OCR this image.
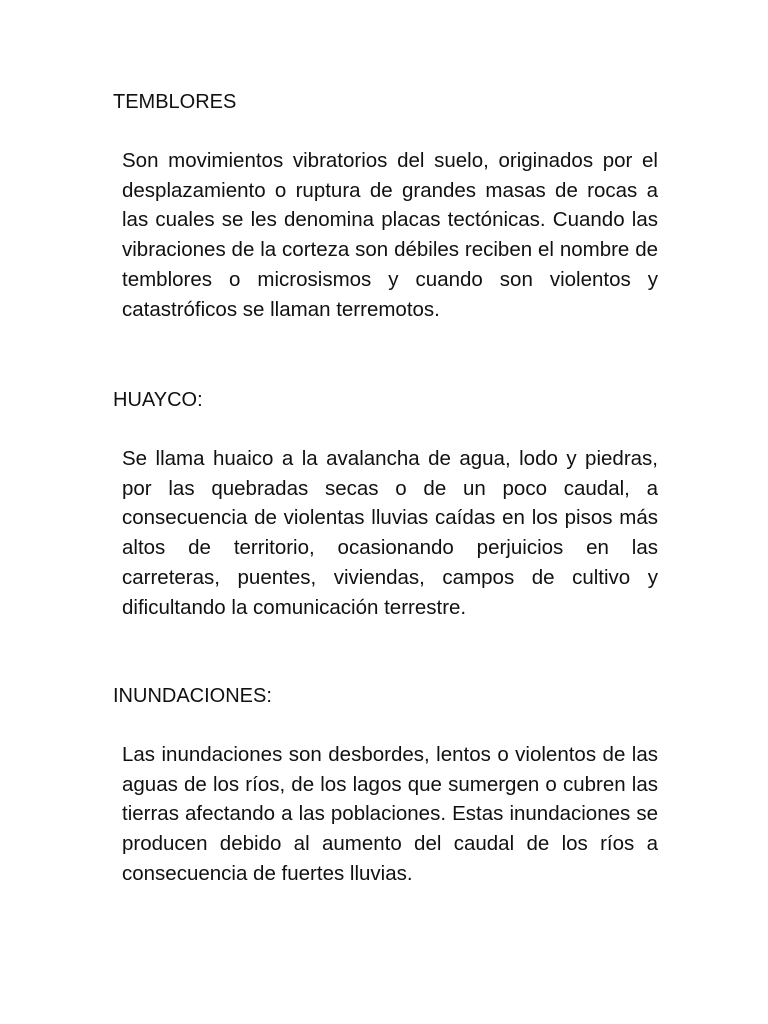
TEMBLORES

Son movimientos vibratorios del suelo, originados por el desplazamiento o ruptura de grandes masas de rocas a las cuales se les denomina placas tectónicas. Cuando las vibraciones de la corteza son débiles reciben el nombre de temblores o microsismos y cuando son violentos y catastróficos se llaman terremotos.

HUAYCO:

Se llama huaico a la avalancha de agua, lodo y piedras, por las quebradas secas o de un poco caudal, a consecuencia de violentas lluvias caídas en los pisos más altos de territorio, ocasionando perjuicios en las carreteras, puentes, viviendas, campos de cultivo y dificultando la comunicación terrestre.

INUNDACIONES:

Las inundaciones son desbordes, lentos o violentos de las aguas de los ríos, de los lagos que sumergen o cubren las tierras afectando a las poblaciones. Estas inundaciones se producen debido al aumento del caudal de los ríos a consecuencia de fuertes lluvias.
